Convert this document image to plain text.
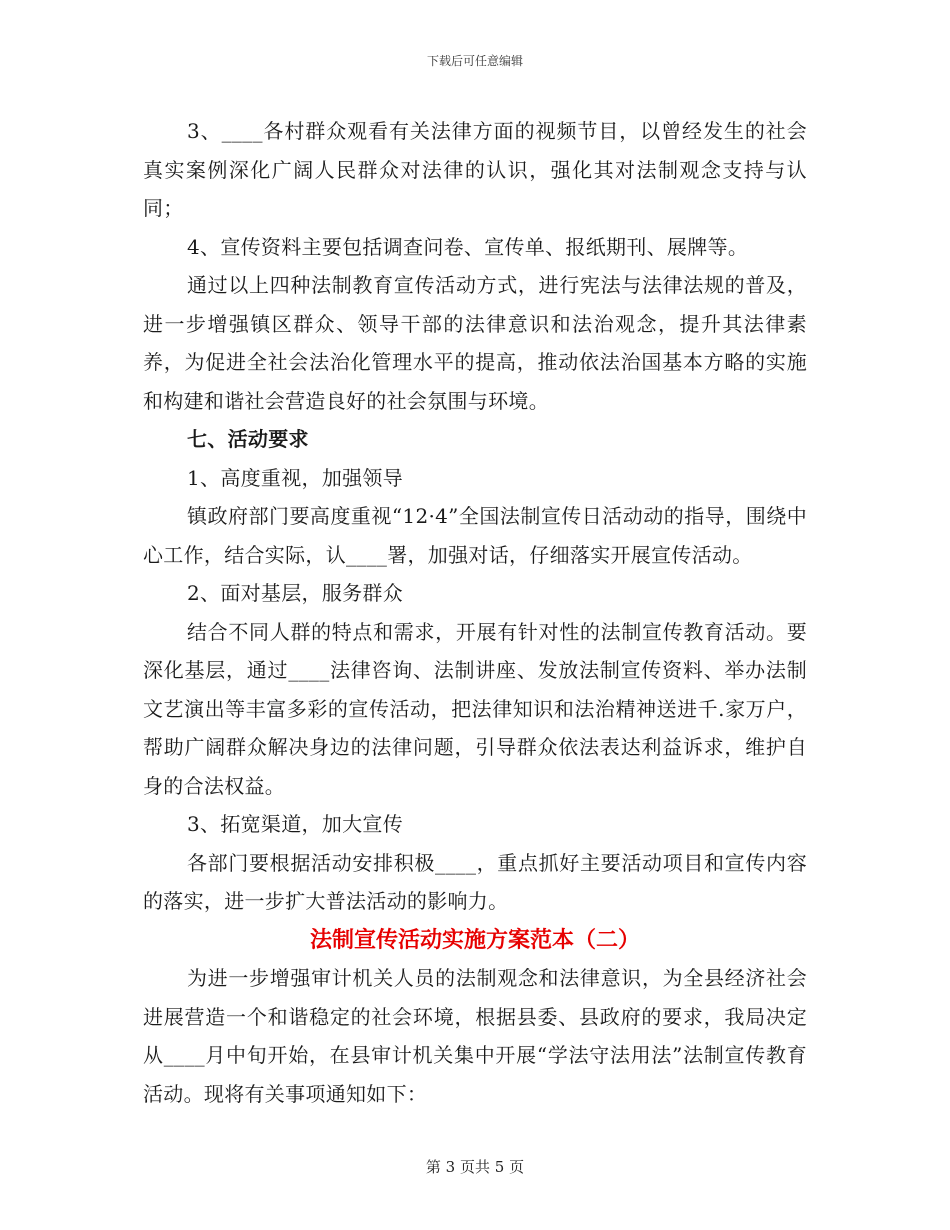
下载后可任意编辑

3、____各村群众观看有关法律方面的视频节目，以曾经发生的社会真实案例深化广阔人民群众对法律的认识，强化其对法制观念支持与认同；

4、宣传资料主要包括调查问卷、宣传单、报纸期刊、展牌等。

通过以上四种法制教育宣传活动方式，进行宪法与法律法规的普及，进一步增强镇区群众、领导干部的法律意识和法治观念，提升其法律素养，为促进全社会法治化管理水平的提高，推动依法治国基本方略的实施和构建和谐社会营造良好的社会氛围与环境。

七、活动要求

1、高度重视，加强领导

镇政府部门要高度重视“12·4”全国法制宣传日活动动的指导，围绕中心工作，结合实际，认____署，加强对话，仔细落实开展宣传活动。

2、面对基层，服务群众

结合不同人群的特点和需求，开展有针对性的法制宣传教育活动。要深化基层，通过____法律咨询、法制讲座、发放法制宣传资料、举办法制文艺演出等丰富多彩的宣传活动，把法律知识和法治精神送进千.家万户，帮助广阔群众解决身边的法律问题，引导群众依法表达利益诉求，维护自身的合法权益。

3、拓宽渠道，加大宣传

各部门要根据活动安排积极____，重点抓好主要活动项目和宣传内容的落实，进一步扩大普法活动的影响力。

法制宣传活动实施方案范本（二）

为进一步增强审计机关人员的法制观念和法律意识，为全县经济社会进展营造一个和谐稳定的社会环境，根据县委、县政府的要求，我局决定从____月中旬开始，在县审计机关集中开展“学法守法用法”法制宣传教育活动。现将有关事项通知如下：

第 3 页共 5 页
